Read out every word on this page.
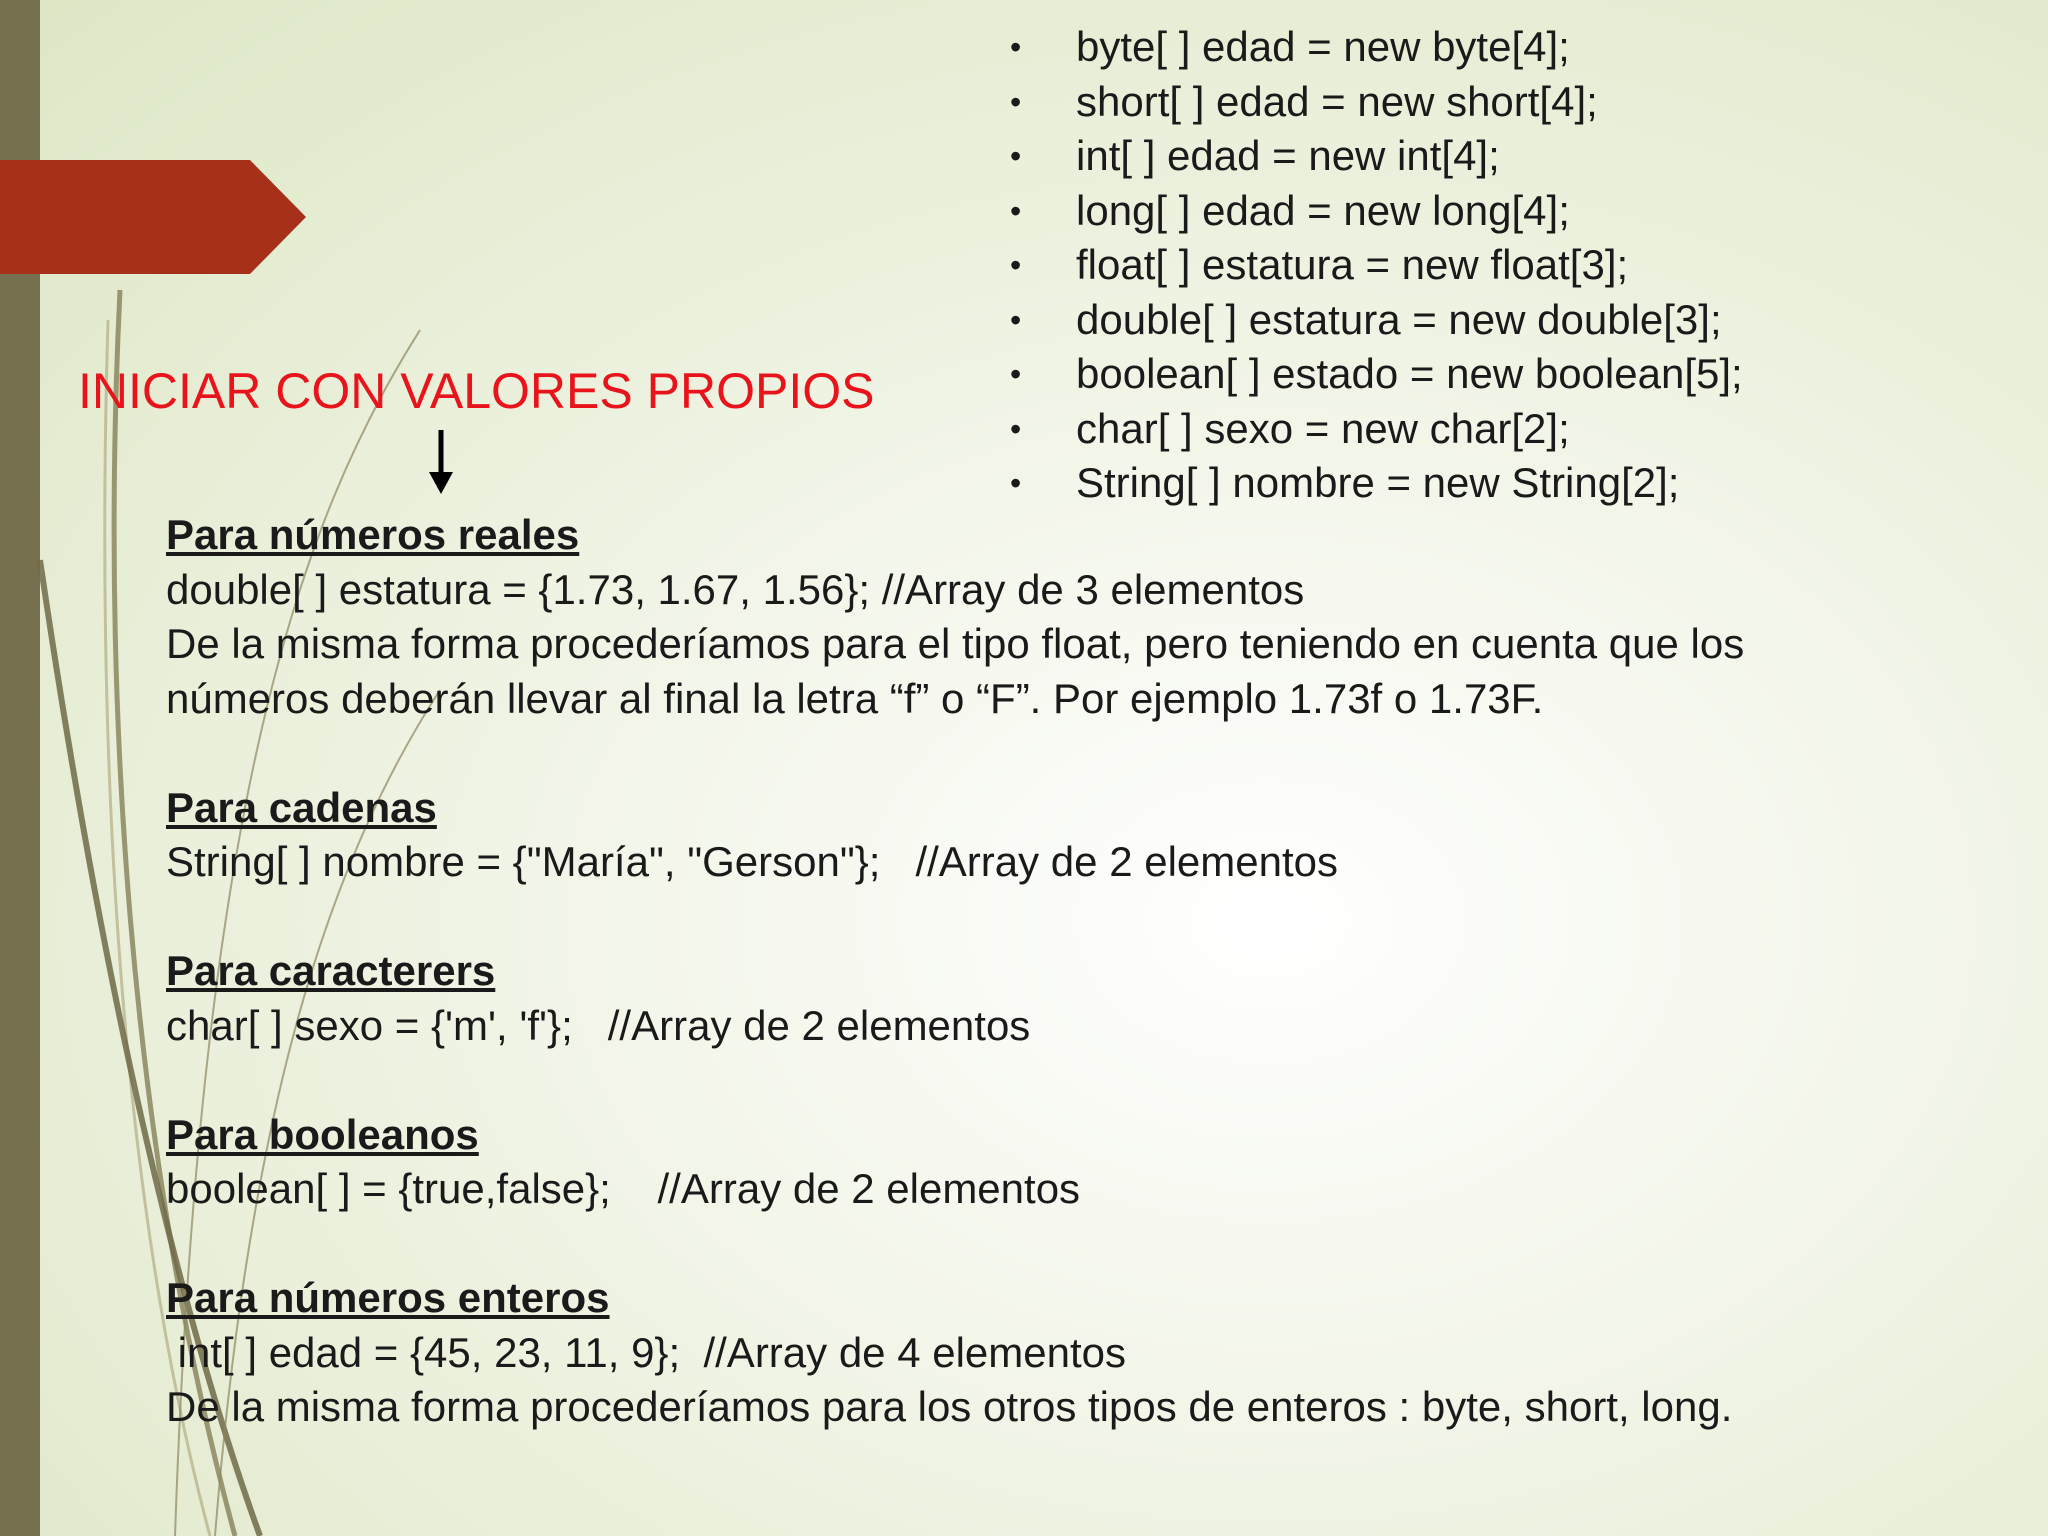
• byte[ ] edad = new byte[4];
• short[ ] edad = new short[4];
• int[ ] edad = new int[4];
• long[ ] edad = new long[4];
• float[ ] estatura = new float[3];
• double[ ] estatura = new double[3];
• boolean[ ] estado = new boolean[5];
• char[ ] sexo = new char[2];
• String[ ] nombre = new String[2];
INICIAR CON VALORES PROPIOS
Para números reales
double[ ] estatura = {1.73, 1.67, 1.56}; //Array de 3 elementos
De la misma forma procederíamos para el tipo float, pero teniendo en cuenta que los números deberán llevar al final la letra “f” o “F”. Por ejemplo 1.73f o 1.73F.
Para cadenas
String[ ] nombre = {"María", "Gerson"};   //Array de 2 elementos
Para caracterers
char[ ] sexo = {'m', 'f'};   //Array de 2 elementos
Para booleanos
boolean[ ] = {true,false};    //Array de 2 elementos
Para números enteros
int[ ] edad = {45, 23, 11, 9};  //Array de 4 elementos
De la misma forma procederíamos para los otros tipos de enteros : byte, short, long.
